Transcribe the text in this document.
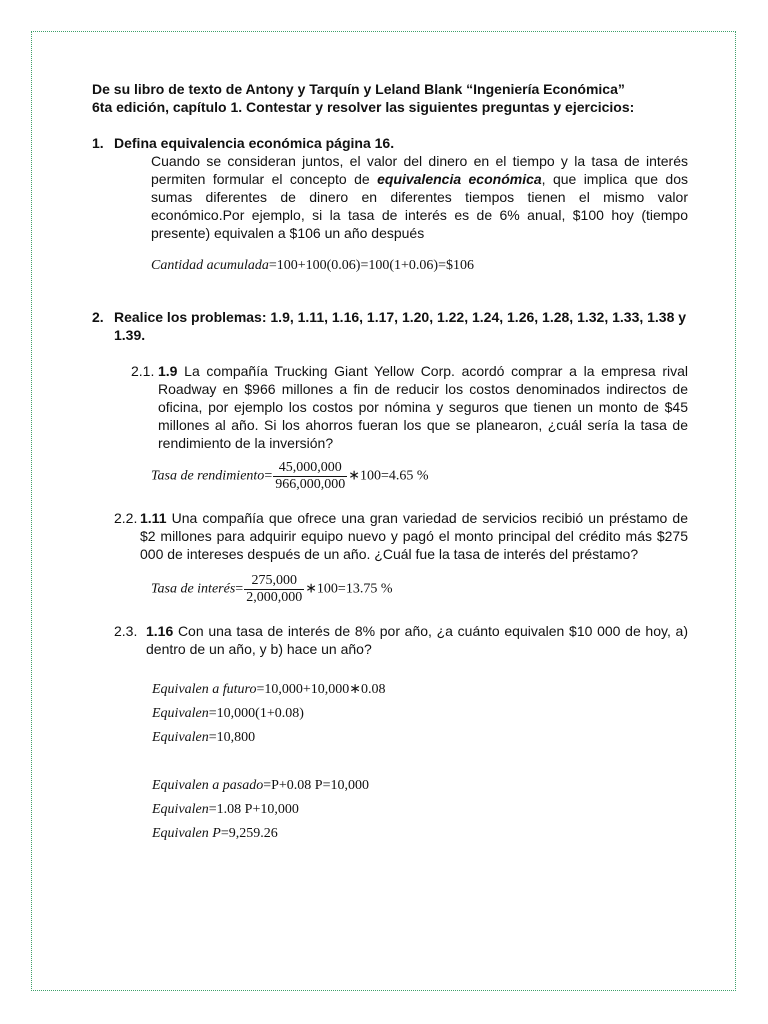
De su libro de texto de Antony y Tarquín y Leland Blank “Ingeniería Económica”
6ta edición, capítulo 1. Contestar y resolver las siguientes preguntas y ejercicios:
1. Defina equivalencia económica página 16.

Cuando se consideran juntos, el valor del dinero en el tiempo y la tasa de interés permiten formular el concepto de equivalencia económica, que implica que dos sumas diferentes de dinero en diferentes tiempos tienen el mismo valor económico.Por ejemplo, si la tasa de interés es de 6% anual, $100 hoy (tiempo presente) equivalen a $106 un año después

Cantidad acumulada=100+100(0.06)=100(1+0.06)=$106
2. Realice los problemas: 1.9, 1.11, 1.16, 1.17, 1.20, 1.22, 1.24, 1.26, 1.28, 1.32, 1.33, 1.38 y 1.39.
2.1. 1.9 La compañía Trucking Giant Yellow Corp. acordó comprar a la empresa rival Roadway en $966 millones a fin de reducir los costos denominados indirectos de oficina, por ejemplo los costos por nómina y seguros que tienen un monto de $45 millones al año. Si los ahorros fueran los que se planearon, ¿cuál sería la tasa de rendimiento de la inversión?
Tasa de rendimiento= $\frac{45,000,000}{966,000,000}$ ∗100=4.65 %
2.2. 1.11 Una compañía que ofrece una gran variedad de servicios recibió un préstamo de $2 millones para adquirir equipo nuevo y pagó el monto principal del crédito más $275 000 de intereses después de un año. ¿Cuál fue la tasa de interés del préstamo?
Tasa de interés= $\frac{275,000}{2,000,000}$ ∗100=13.75 %
2.3. 1.16 Con una tasa de interés de 8% por año, ¿a cuánto equivalen $10 000 de hoy, a) dentro de un año, y b) hace un año?
Equivalen a futuro=10,000+10,000∗0.08
Equivalen=10,000(1+0.08)
Equivalen=10,800
Equivalen a pasado=P+0.08 P=10,000
Equivalen=1.08 P+10,000
Equivalen P=9,259.26
